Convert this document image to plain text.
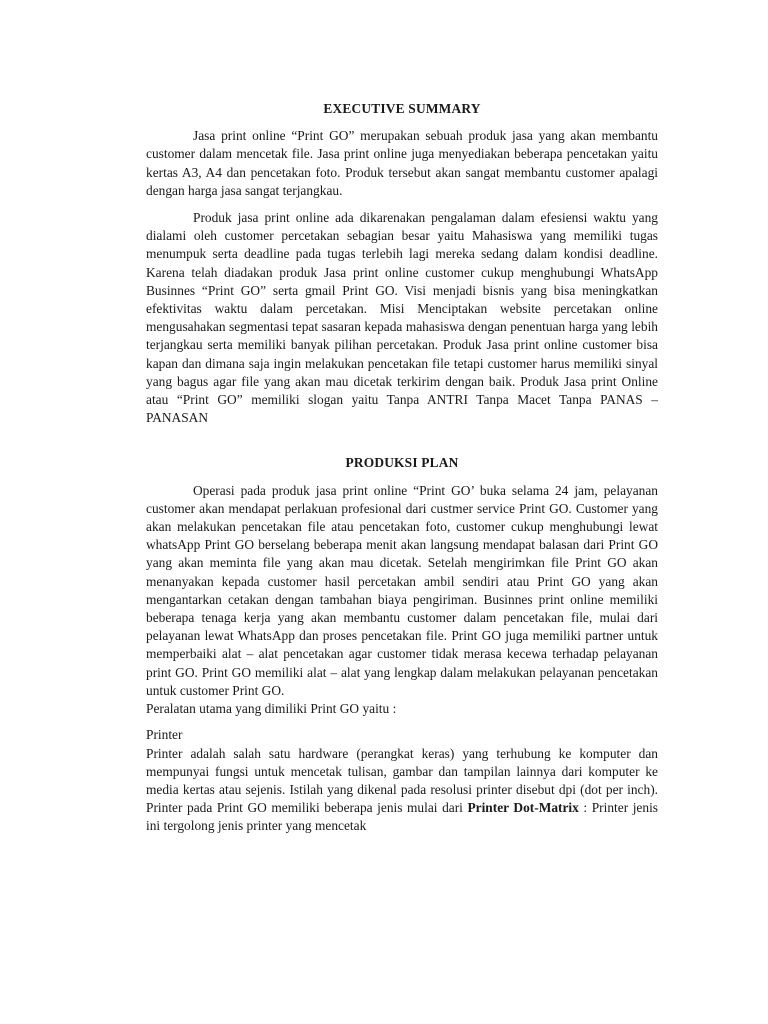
EXECUTIVE SUMMARY

Jasa print online “Print GO” merupakan sebuah produk jasa yang akan membantu customer dalam mencetak file. Jasa print online juga menyediakan beberapa pencetakan yaitu kertas A3, A4 dan pencetakan foto. Produk tersebut akan sangat membantu customer apalagi dengan harga jasa sangat terjangkau.

Produk jasa print online ada dikarenakan pengalaman dalam efesiensi waktu yang dialami oleh customer percetakan sebagian besar yaitu Mahasiswa yang memiliki tugas menumpuk serta deadline pada tugas terlebih lagi mereka sedang dalam kondisi deadline. Karena telah diadakan produk Jasa print online customer cukup menghubungi WhatsApp Businnes “Print GO” serta gmail Print GO. Visi menjadi bisnis yang bisa meningkatkan efektivitas waktu dalam percetakan. Misi Menciptakan website percetakan online mengusahakan segmentasi tepat sasaran kepada mahasiswa dengan penentuan harga yang lebih terjangkau serta memiliki banyak pilihan percetakan. Produk Jasa print online customer bisa kapan dan dimana saja ingin melakukan pencetakan file tetapi customer harus memiliki sinyal yang bagus agar file yang akan mau dicetak terkirim dengan baik. Produk Jasa print Online atau “Print GO” memiliki slogan yaitu Tanpa ANTRI Tanpa Macet Tanpa PANAS – PANASAN

PRODUKSI PLAN

Operasi pada produk jasa print online “Print GO’ buka selama 24 jam, pelayanan customer akan mendapat perlakuan profesional dari custmer service Print GO. Customer yang akan melakukan pencetakan file atau pencetakan foto, customer cukup menghubungi lewat whatsApp Print GO berselang beberapa menit akan langsung mendapat balasan dari Print GO yang akan meminta file yang akan mau dicetak. Setelah mengirimkan file Print GO akan menanyakan kepada customer hasil percetakan ambil sendiri atau Print GO yang akan mengantarkan cetakan dengan tambahan biaya pengiriman. Businnes print online memiliki beberapa tenaga kerja yang akan membantu customer dalam pencetakan file, mulai dari pelayanan lewat WhatsApp dan proses pencetakan file. Print GO juga memiliki partner untuk memperbaiki alat – alat pencetakan agar customer tidak merasa kecewa terhadap pelayanan print GO. Print GO memiliki alat – alat yang lengkap dalam melakukan pelayanan pencetakan untuk customer Print GO.

Peralatan utama yang dimiliki Print GO yaitu :

Printer

Printer adalah salah satu hardware (perangkat keras) yang terhubung ke komputer dan mempunyai fungsi untuk mencetak tulisan, gambar dan tampilan lainnya dari komputer ke media kertas atau sejenis. Istilah yang dikenal pada resolusi printer disebut dpi (dot per inch). Printer pada Print GO memiliki beberapa jenis mulai dari Printer Dot-Matrix : Printer jenis ini tergolong jenis printer yang mencetak
